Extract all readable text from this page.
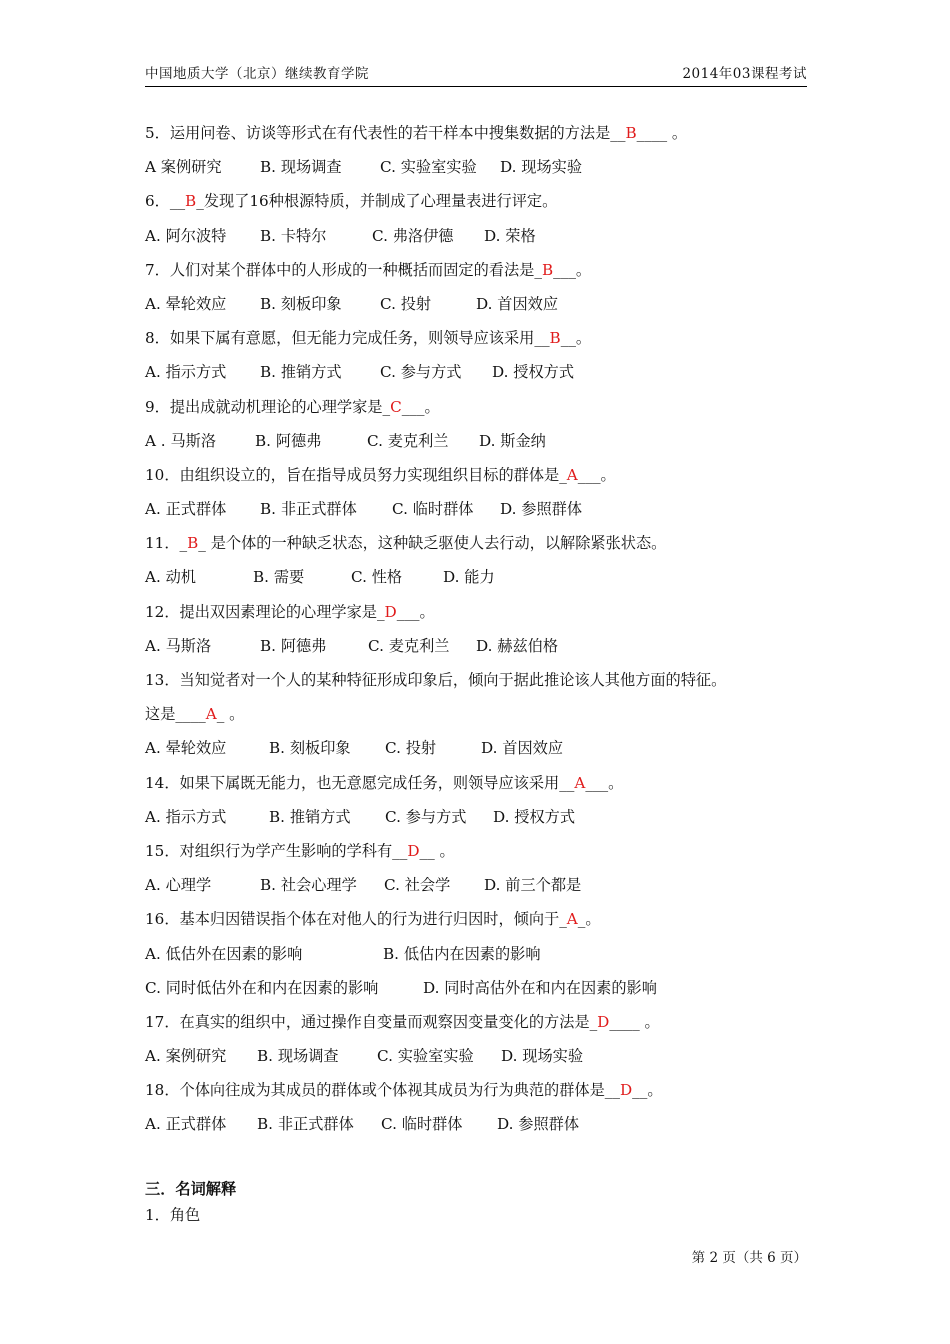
中国地质大学（北京）继续教育学院	2014年03课程考试
5．运用问卷、访谈等形式在有代表性的若干样本中搜集数据的方法是__B____ 。
A 案例研究	B. 现场调查	C. 实验室实验 D. 现场实验
6．__B_发现了16种根源特质，并制成了心理量表进行评定。
A. 阿尔波特 B. 卡特尔	C. 弗洛伊德 D. 荣格
7．人们对某个群体中的人形成的一种概括而固定的看法是_B___。
A. 晕轮效应 B. 刻板印象	C. 投射	D. 首因效应
8．如果下属有意愿，但无能力完成任务，则领导应该采用__B__。
A. 指示方式 B. 推销方式	C. 参与方式 D. 授权方式
9．提出成就动机理论的心理学家是_C___。
A . 马斯洛	B. 阿德弗	C. 麦克利兰 D. 斯金纳
10．由组织设立的，旨在指导成员努力实现组织目标的群体是_A___。
A. 正式群体 B. 非正式群体 C. 临时群体 D. 参照群体
11．_B_ 是个体的一种缺乏状态，这种缺乏驱使人去行动，以解除紧张状态。
A. 动机	B. 需要	C. 性格	D. 能力
12．提出双因素理论的心理学家是_D___。
A. 马斯洛	B. 阿德弗	C. 麦克利兰 D. 赫兹伯格
13．当知觉者对一个人的某种特征形成印象后，倾向于据此推论该人其他方面的特征。
这是____A_ 。
A. 晕轮效应	B. 刻板印象 C. 投射	D. 首因效应
14．如果下属既无能力，也无意愿完成任务，则领导应该采用__A___。
A. 指示方式	B. 推销方式 C. 参与方式 D. 授权方式
15．对组织行为学产生影响的学科有__D__ 。
A. 心理学	B. 社会心理学 C. 社会学 D. 前三个都是
16．基本归因错误指个体在对他人的行为进行归因时，倾向于_A_。
A. 低估外在因素的影响	B. 低估内在因素的影响
C. 同时低估外在和内在因素的影响	D. 同时高估外在和内在因素的影响
17．在真实的组织中，通过操作自变量而观察因变量变化的方法是_D____ 。
A. 案例研究 B. 现场调查	C. 实验室实验 D. 现场实验
18．个体向往成为其成员的群体或个体视其成员为行为典范的群体是__D__。
A. 正式群体 B. 非正式群体 C. 临时群体 D. 参照群体
三．名词解释
1．角色
第 2 页（共 6 页）
